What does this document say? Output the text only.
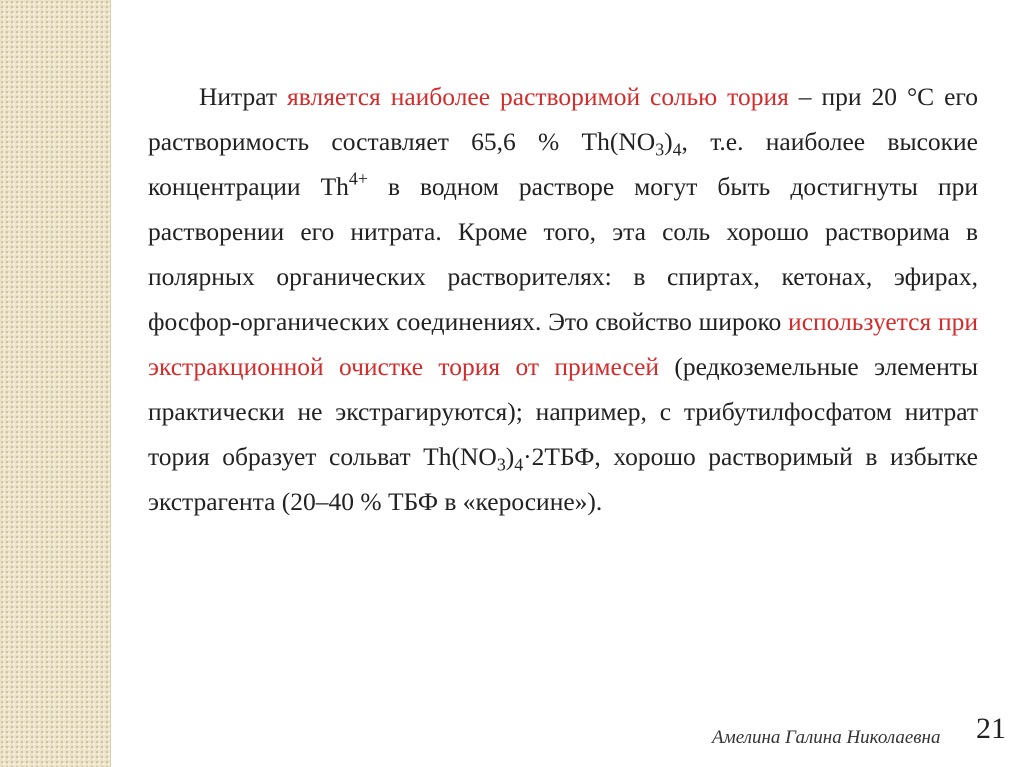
Нитрат является наиболее растворимой солью тория – при 20 °С его растворимость составляет 65,6 % $Th(NO_3)_4$, т.е. наиболее высокие концентрации $Th^{4+}$ в водном растворе могут быть достигнуты при растворении его нитрата. Кроме того, эта соль хорошо растворима в полярных органических растворителях: в спиртах, кетонах, эфирах, фосфор-органических соединениях. Это свойство широко используется при экстракционной очистке тория от примесей (редкоземельные элементы практически не экстрагируются); например, с трибутилфосфатом нитрат тория образует сольват $Th(NO_3)_4\cdot 2ТБФ$, хорошо растворимый в избытке экстрагента (20–40 % ТБФ в «керосине»).

Амелина Галина Николаевна 21
